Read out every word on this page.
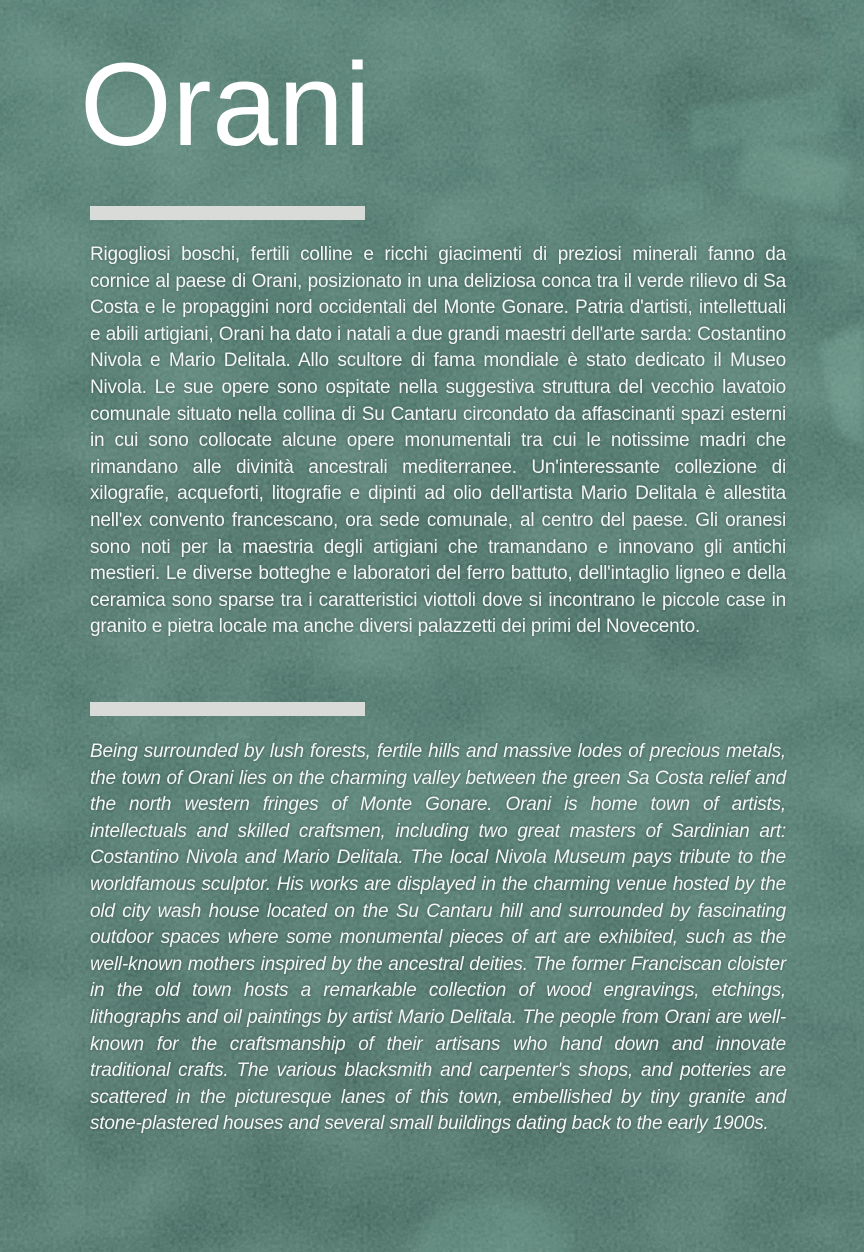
Orani

Rigogliosi boschi, fertili colline e ricchi giacimenti di preziosi minerali fanno da cornice al paese di Orani, posizionato in una deliziosa conca tra il verde rilievo di Sa Costa e le propaggini nord occidentali del Monte Gonare. Patria d'artisti, intellettuali e abili artigiani, Orani ha dato i natali a due grandi maestri dell'arte sarda: Costantino Nivola e Mario Delitala. Allo scultore di fama mondiale è stato dedicato il Museo Nivola. Le sue opere sono ospitate nella suggestiva struttura del vecchio lavatoio comunale situato nella collina di Su Cantaru circondato da affascinanti spazi esterni in cui sono collocate alcune opere monumentali tra cui le notissime madri che rimandano alle divinità ancestrali mediterranee. Un'interessante collezione di xilografie, acqueforti, litografie e dipinti ad olio dell'artista Mario Delitala è allestita nell'ex convento francescano, ora sede comunale, al centro del paese. Gli oranesi sono noti per la maestria degli artigiani che tramandano e innovano gli antichi mestieri. Le diverse botteghe e laboratori del ferro battuto, dell'intaglio ligneo e della ceramica sono sparse tra i caratteristici viottoli dove si incontrano le piccole case in granito e pietra locale ma anche diversi palazzetti dei primi del Novecento.

Being surrounded by lush forests, fertile hills and massive lodes of precious metals, the town of Orani lies on the charming valley between the green Sa Costa relief and the north western fringes of Monte Gonare. Orani is home town of artists, intellectuals and skilled craftsmen, including two great masters of Sardinian art: Costantino Nivola and Mario Delitala. The local Nivola Museum pays tribute to the worldfamous sculptor. His works are displayed in the charming venue hosted by the old city wash house located on the Su Cantaru hill and surrounded by fascinating outdoor spaces where some monumental pieces of art are exhibited, such as the well-known mothers inspired by the ancestral deities. The former Franciscan cloister in the old town hosts a remarkable collection of wood engravings, etchings, lithographs and oil paintings by artist Mario Delitala. The people from Orani are well-known for the craftsmanship of their artisans who hand down and innovate traditional crafts. The various blacksmith and carpenter's shops, and potteries are scattered in the picturesque lanes of this town, embellished by tiny granite and stone-plastered houses and several small buildings dating back to the early 1900s.
